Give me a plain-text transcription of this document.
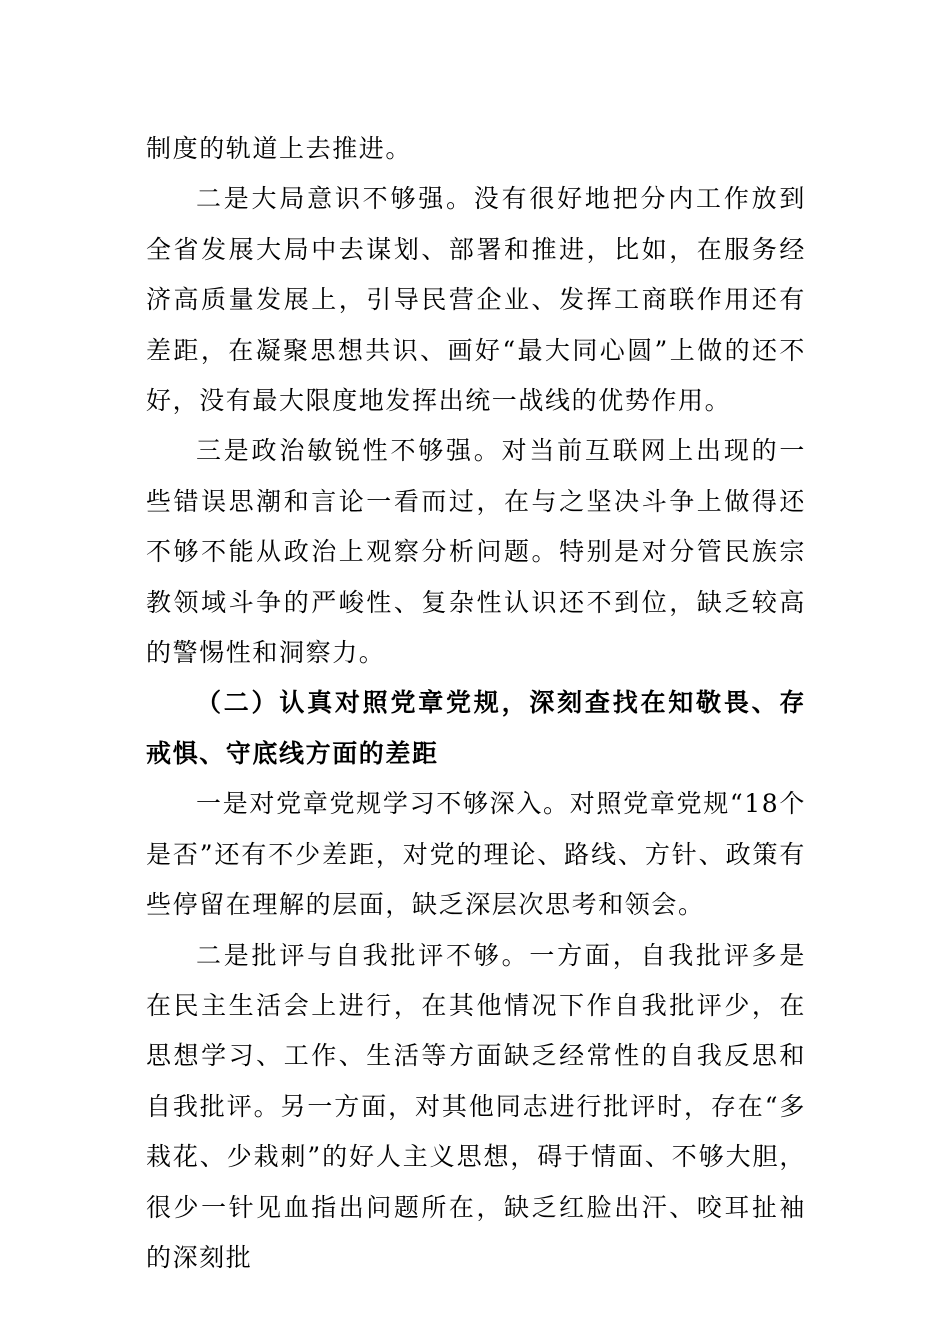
制度的轨道上去推进。

二是大局意识不够强。没有很好地把分内工作放到全省发展大局中去谋划、部署和推进，比如，在服务经济高质量发展上，引导民营企业、发挥工商联作用还有差距，在凝聚思想共识、画好“最大同心圆”上做的还不好，没有最大限度地发挥出统一战线的优势作用。

三是政治敏锐性不够强。对当前互联网上出现的一些错误思潮和言论一看而过，在与之坚决斗争上做得还不够不能从政治上观察分析问题。特别是对分管民族宗教领域斗争的严峻性、复杂性认识还不到位，缺乏较高的警惕性和洞察力。

（二）认真对照党章党规，深刻查找在知敬畏、存戒惧、守底线方面的差距

一是对党章党规学习不够深入。对照党章党规“18个是否”还有不少差距，对党的理论、路线、方针、政策有些停留在理解的层面，缺乏深层次思考和领会。

二是批评与自我批评不够。一方面，自我批评多是在民主生活会上进行，在其他情况下作自我批评少，在思想学习、工作、生活等方面缺乏经常性的自我反思和自我批评。另一方面，对其他同志进行批评时，存在“多栽花、少栽刺”的好人主义思想，碍于情面、不够大胆，很少一针见血指出问题所在，缺乏红脸出汗、咬耳扯袖的深刻批
